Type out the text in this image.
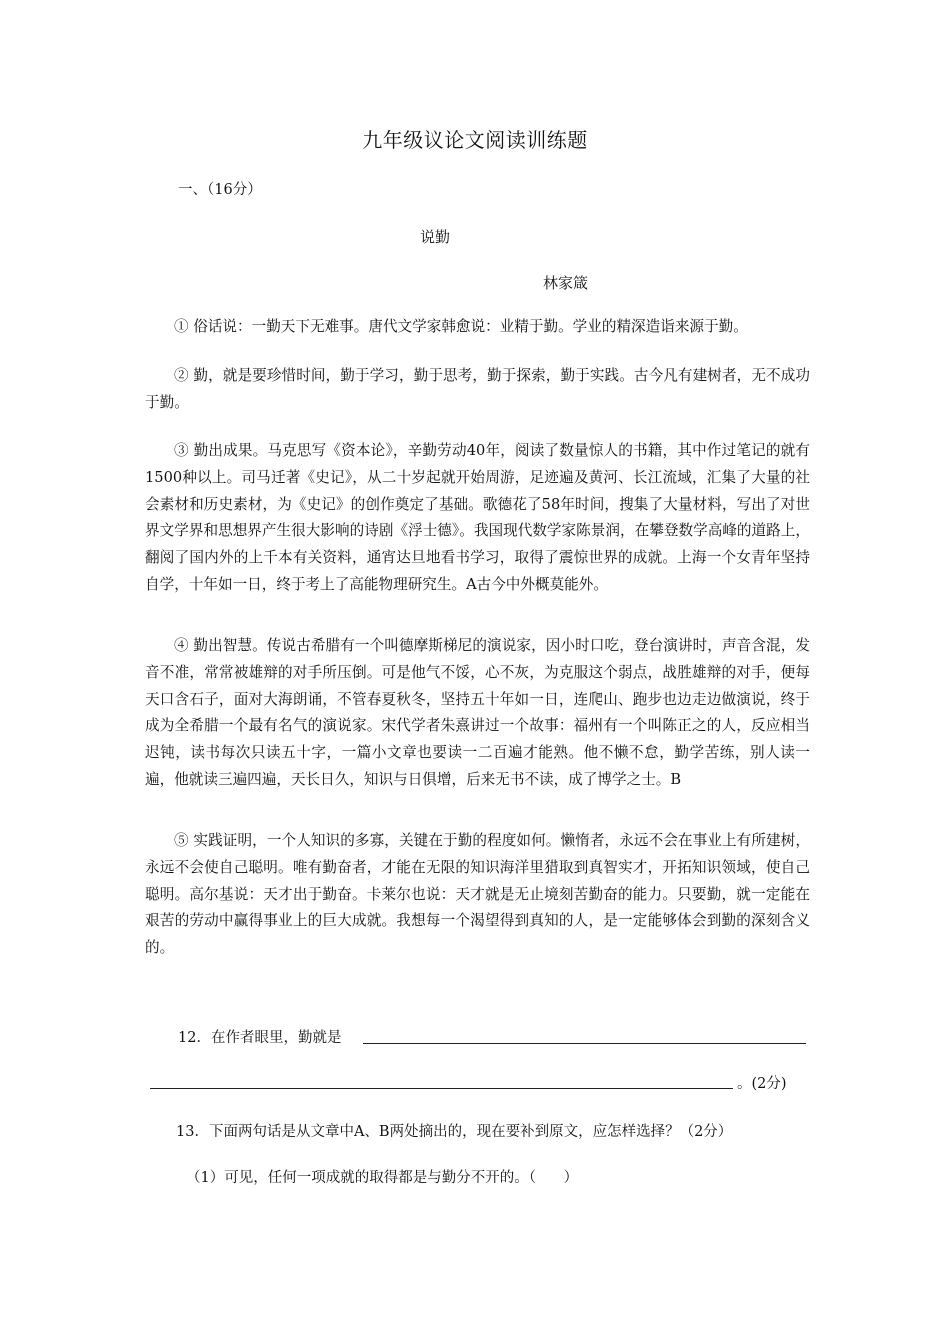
九年级议论文阅读训练题
一、（16分）
说勤
林家箴

① 俗话说：一勤天下无难事。唐代文学家韩愈说：业精于勤。学业的精深造诣来源于勤。

② 勤，就是要珍惜时间，勤于学习，勤于思考，勤于探索，勤于实践。古今凡有建树者，无不成功于勤。

③ 勤出成果。马克思写《资本论》，辛勤劳动40年，阅读了数量惊人的书籍，其中作过笔记的就有1500种以上。司马迁著《史记》，从二十岁起就开始周游，足迹遍及黄河、长江流域，汇集了大量的社会素材和历史素材，为《史记》的创作奠定了基础。歌德花了58年时间，搜集了大量材料，写出了对世界文学界和思想界产生很大影响的诗剧《浮士德》。我国现代数学家陈景润，在攀登数学高峰的道路上，翻阅了国内外的上千本有关资料，通宵达旦地看书学习，取得了震惊世界的成就。上海一个女青年坚持自学，十年如一日，终于考上了高能物理研究生。A古今中外概莫能外。

④ 勤出智慧。传说古希腊有一个叫德摩斯梯尼的演说家，因小时口吃，登台演讲时，声音含混，发音不准，常常被雄辩的对手所压倒。可是他气不馁，心不灰，为克服这个弱点，战胜雄辩的对手，便每天口含石子，面对大海朗诵，不管春夏秋冬，坚持五十年如一日，连爬山、跑步也边走边做演说，终于成为全希腊一个最有名气的演说家。宋代学者朱熹讲过一个故事：福州有一个叫陈正之的人，反应相当迟钝，读书每次只读五十字，一篇小文章也要读一二百遍才能熟。他不懒不怠，勤学苦练，别人读一遍，他就读三遍四遍，天长日久，知识与日俱增，后来无书不读，成了博学之士。B

⑤ 实践证明，一个人知识的多寡，关键在于勤的程度如何。懒惰者，永远不会在事业上有所建树，永远不会使自己聪明。唯有勤奋者，才能在无限的知识海洋里猎取到真智实才，开拓知识领域，使自己聪明。高尔基说：天才出于勤奋。卡莱尔也说：天才就是无止境刻苦勤奋的能力。只要勤，就一定能在艰苦的劳动中赢得事业上的巨大成就。我想每一个渴望得到真知的人，是一定能够体会到勤的深刻含义的。

12．在作者眼里，勤就是
。(2分)
13．下面两句话是从文章中A、B两处摘出的，现在要补到原文，应怎样选择？（2分）
（1）可见，任何一项成就的取得都是与勤分不开的。（      ）
